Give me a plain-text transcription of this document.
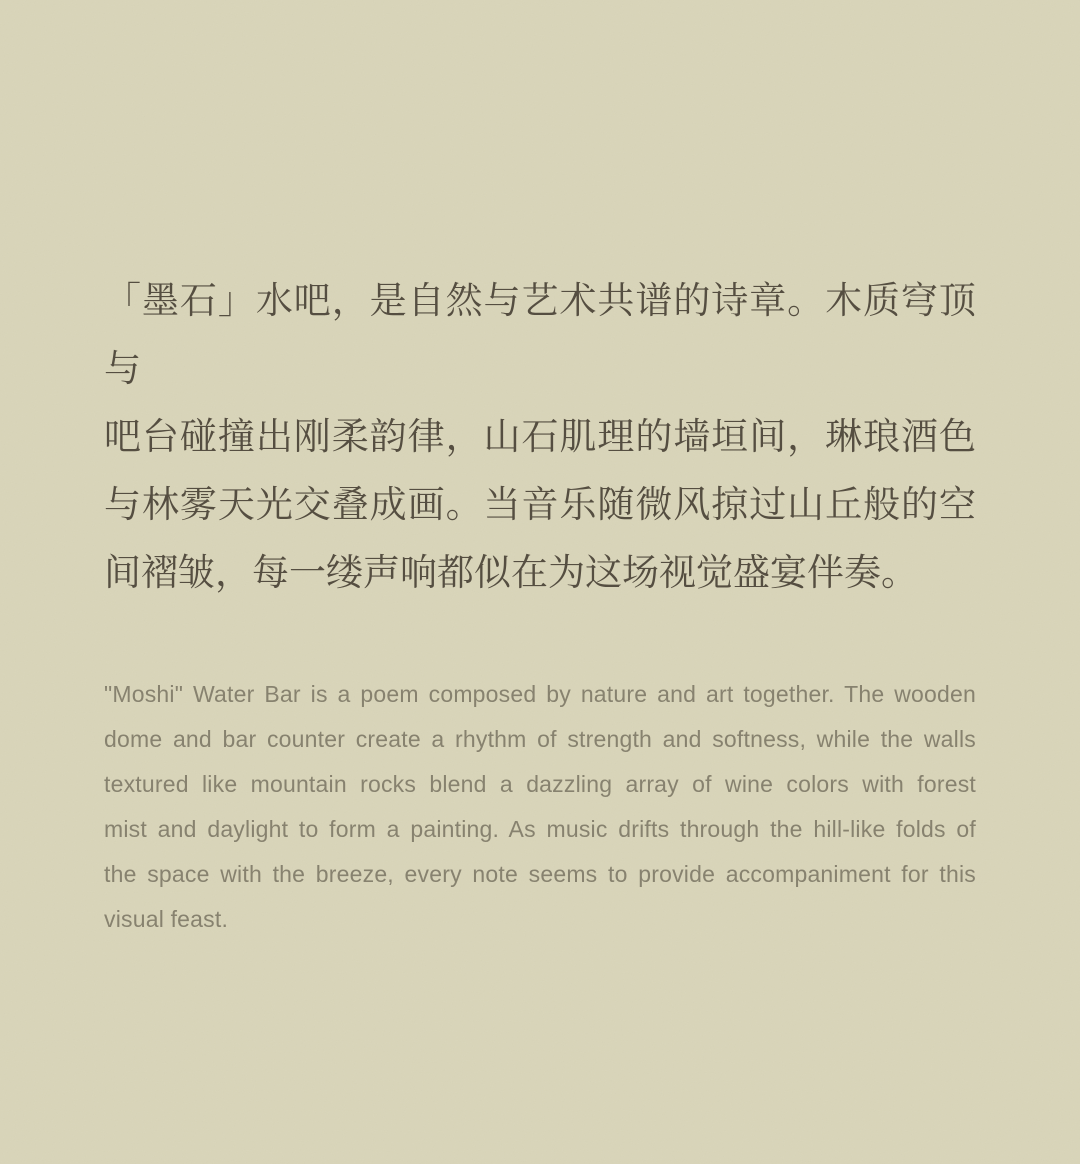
「墨石」水吧，是自然与艺术共谱的诗章。木质穹顶与
吧台碰撞出刚柔韵律，山石肌理的墙垣间，琳琅酒色
与林雾天光交叠成画。当音乐随微风掠过山丘般的空
间褶皱，每一缕声响都似在为这场视觉盛宴伴奏。
"Moshi" Water Bar is a poem composed by nature and art together. The wooden
dome and bar counter create a rhythm of strength and softness, while the walls
textured like mountain rocks blend a dazzling array of wine colors with forest
mist and daylight to form a painting. As music drifts through the hill-like folds of
the space with the breeze, every note seems to provide accompaniment for this
visual feast.
